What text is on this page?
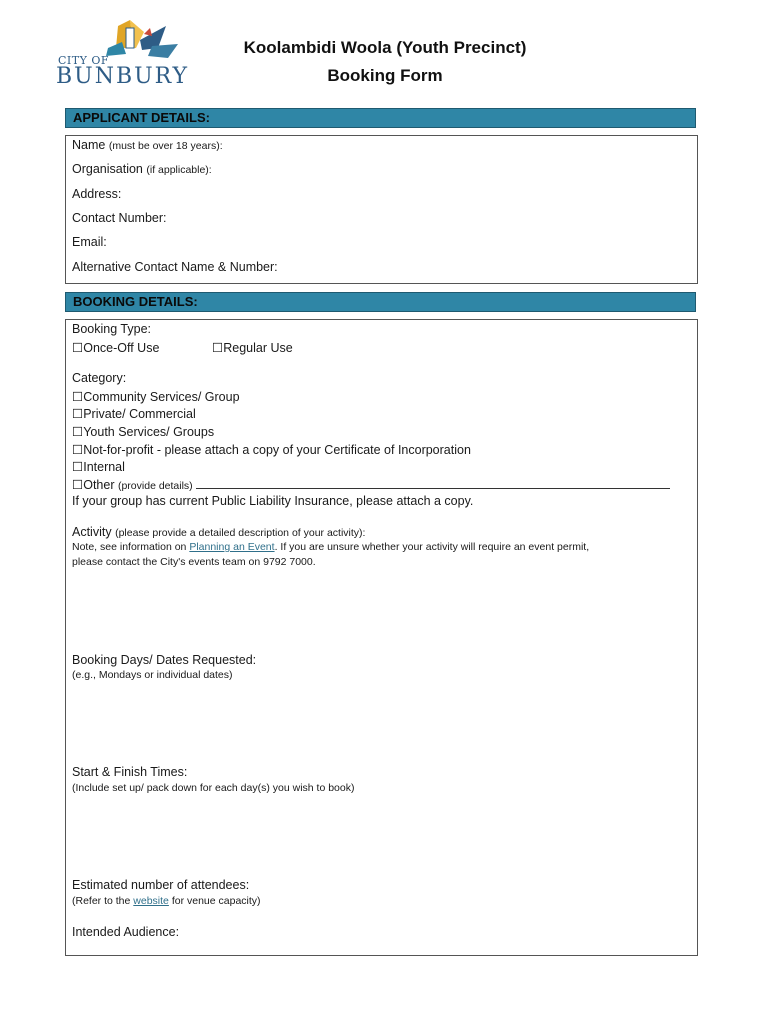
CITY OF
BUNBURY
Koolambidi Woola (Youth Precinct)
Booking Form
APPLICANT DETAILS:
Name (must be over 18 years):
Organisation (if applicable):
Address:
Contact Number:
Email:
Alternative Contact Name & Number:
BOOKING DETAILS:
Booking Type:
☐Once-Off Use	☐Regular Use
Category:
☐Community Services/ Group
☐Private/ Commercial
☐Youth Services/ Groups
☐Not-for-profit - please attach a copy of your Certificate of Incorporation
☐Internal
☐Other (provide details)
If your group has current Public Liability Insurance, please attach a copy.
Activity (please provide a detailed description of your activity):
Note, see information on Planning an Event. If you are unsure whether your activity will require an event permit,
please contact the City's events team on 9792 7000.
Booking Days/ Dates Requested:
(e.g., Mondays or individual dates)
Start & Finish Times:
(Include set up/ pack down for each day(s) you wish to book)
Estimated number of attendees:
(Refer to the website for venue capacity)
Intended Audience:
